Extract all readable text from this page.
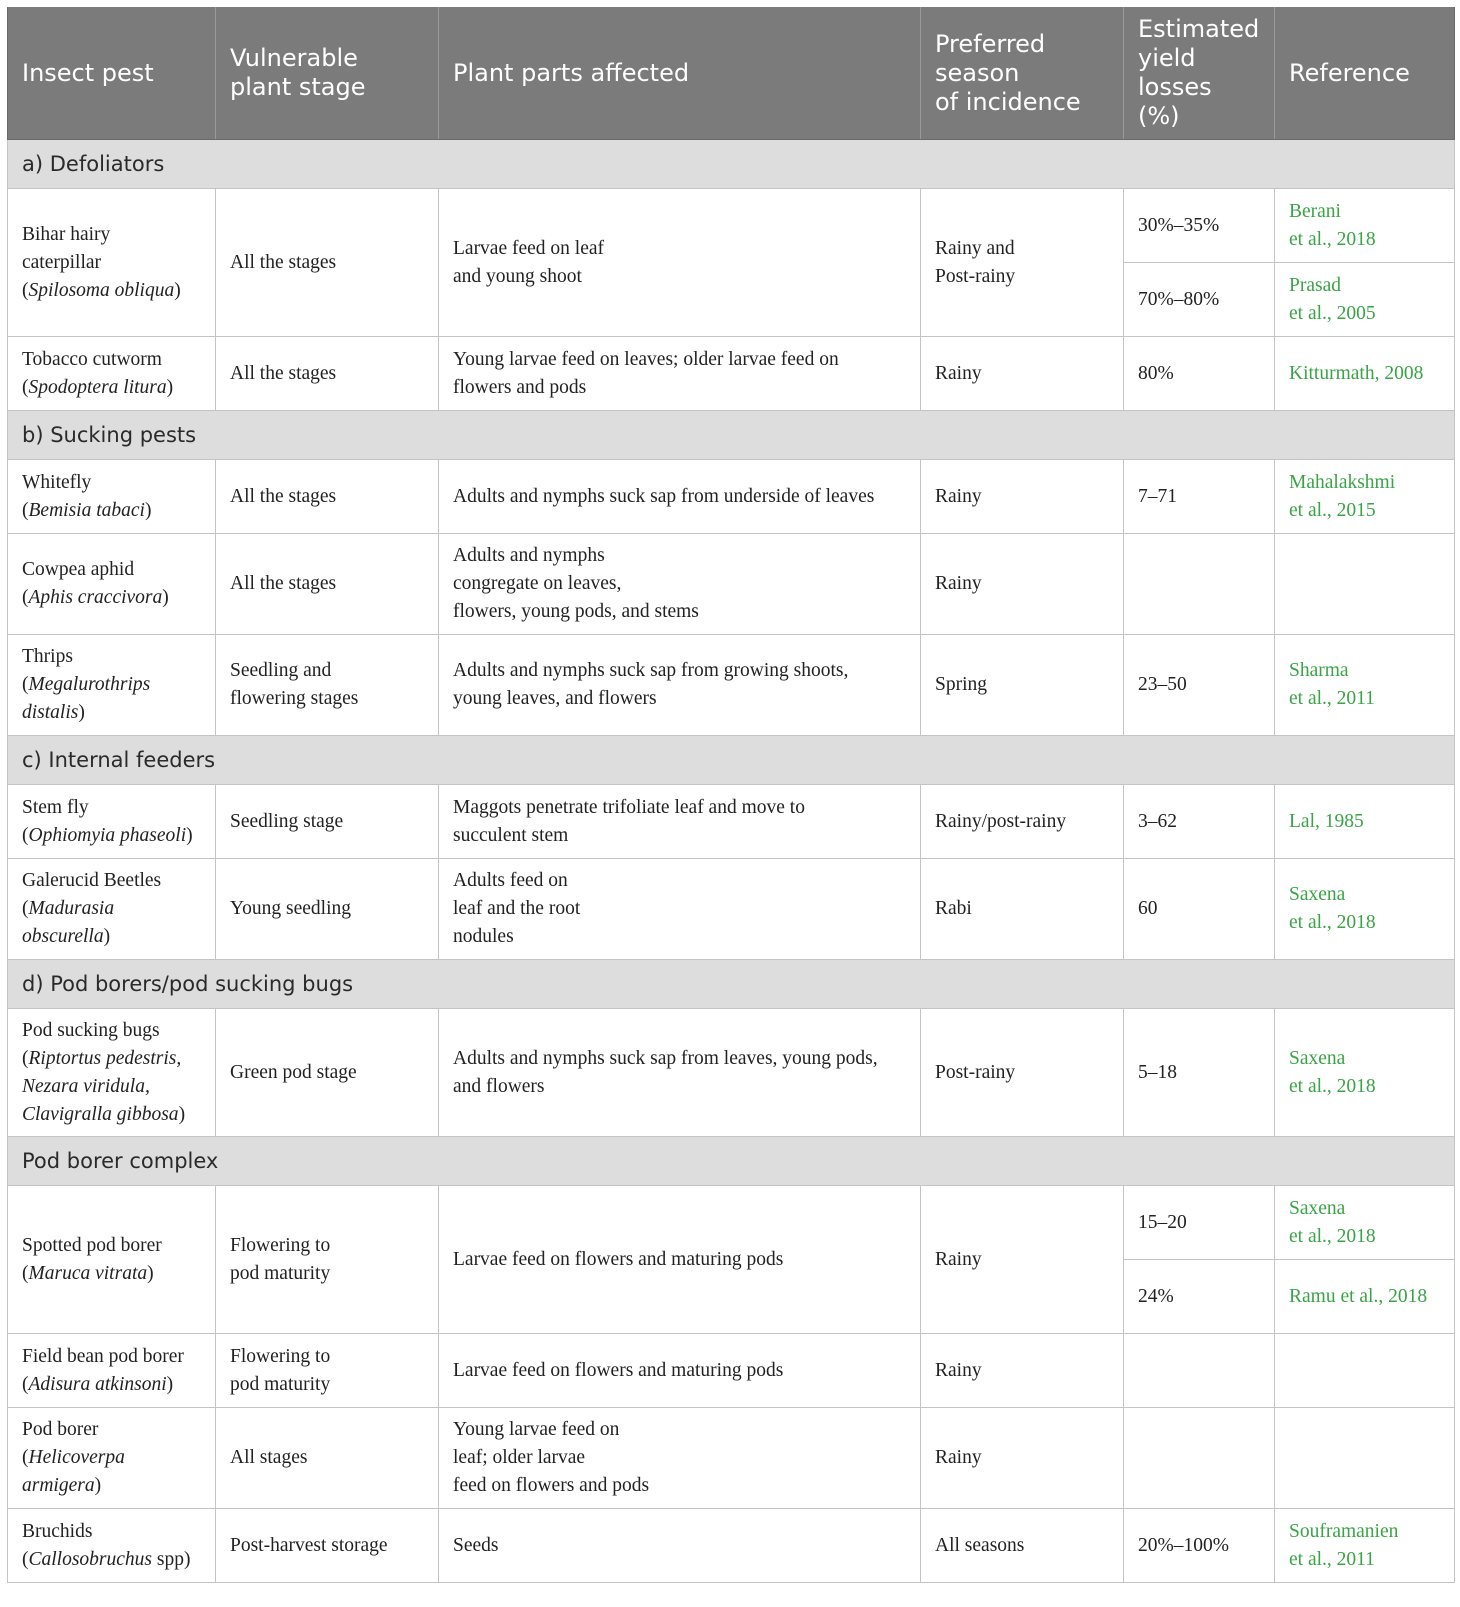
Insect pest	Vulnerable
plant stage	Plant parts affected	Preferred
season
of incidence	Estimated
yield
losses
(%)	Reference

a) Defoliators					

Bihar hairy
caterpillar
(Spilosoma obliqua)	All the stages	Larvae feed on leaf
and young shoot	Rainy and
Post-rainy	30%–35%	Berani
et al., 2018

				70%–80%	Prasad
et al., 2005

Tobacco cutworm
(Spodoptera litura)	All the stages	Young larvae feed on leaves; older larvae feed on
flowers and pods	Rainy	80%	Kitturmath, 2008

b) Sucking pests					

Whitefly
(Bemisia tabaci)	All the stages	Adults and nymphs suck sap from underside of leaves	Rainy	7–71	Mahalakshmi
et al., 2015

Cowpea aphid
(Aphis craccivora)	All the stages	Adults and nymphs
congregate on leaves,
flowers, young pods, and stems	Rainy		

Thrips
(Megalurothrips
distalis)	Seedling and
flowering stages	Adults and nymphs suck sap from growing shoots,
young leaves, and flowers	Spring	23–50	Sharma
et al., 2011

c) Internal feeders					

Stem fly
(Ophiomyia phaseoli)	Seedling stage	Maggots penetrate trifoliate leaf and move to
succulent stem	Rainy/post-rainy	3–62	Lal, 1985

Galerucid Beetles
(Madurasia
obscurella)	Young seedling	Adults feed on
leaf and the root
nodules	Rabi	60	Saxena
et al., 2018

d) Pod borers/pod sucking bugs					

Pod sucking bugs
(Riptortus pedestris,
Nezara viridula,
Clavigralla gibbosa)	Green pod stage	Adults and nymphs suck sap from leaves, young pods,
and flowers	Post-rainy	5–18	Saxena
et al., 2018

Pod borer complex					

Spotted pod borer
(Maruca vitrata)	Flowering to
pod maturity	Larvae feed on flowers and maturing pods	Rainy	15–20	Saxena
et al., 2018

				24%	Ramu et al., 2018

Field bean pod borer
(Adisura atkinsoni)	Flowering to
pod maturity	Larvae feed on flowers and maturing pods	Rainy		

Pod borer
(Helicoverpa
armigera)	All stages	Young larvae feed on
leaf; older larvae
feed on flowers and pods	Rainy		

Bruchids
(Callosobruchus spp)	Post-harvest storage	Seeds	All seasons	20%–100%	Souframanien
et al., 2011
